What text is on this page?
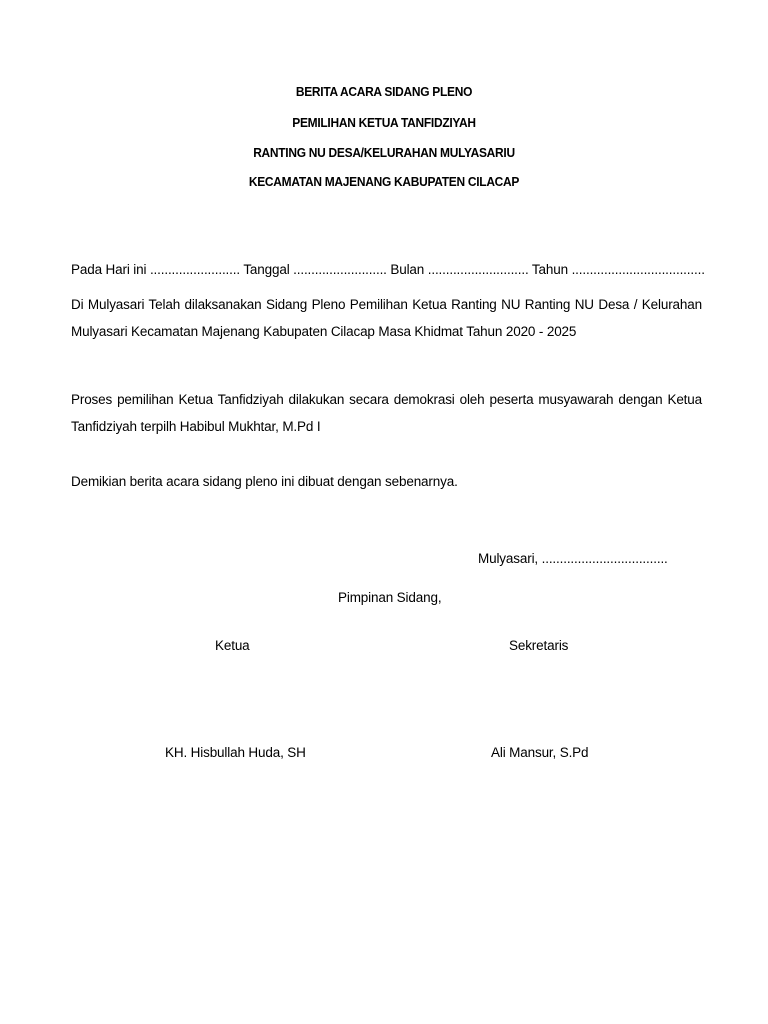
BERITA ACARA SIDANG PLENO
PEMILIHAN KETUA TANFIDZIYAH
RANTING NU DESA/KELURAHAN MULYASARIU
KECAMATAN MAJENANG KABUPATEN CILACAP
Pada Hari ini ......................... Tanggal .......................... Bulan ............................ Tahun .....................................
Di Mulyasari Telah dilaksanakan Sidang Pleno Pemilihan Ketua Ranting NU Ranting NU Desa / Kelurahan Mulyasari Kecamatan Majenang Kabupaten Cilacap Masa Khidmat Tahun 2020 - 2025
Proses pemilihan Ketua Tanfidziyah dilakukan secara demokrasi oleh peserta musyawarah dengan Ketua Tanfidziyah terpilh Habibul Mukhtar, M.Pd I
Demikian berita acara sidang pleno ini dibuat dengan sebenarnya.
Mulyasari, ...................................
Pimpinan Sidang,
Ketua	Sekretaris
KH. Hisbullah Huda, SH	Ali Mansur, S.Pd
